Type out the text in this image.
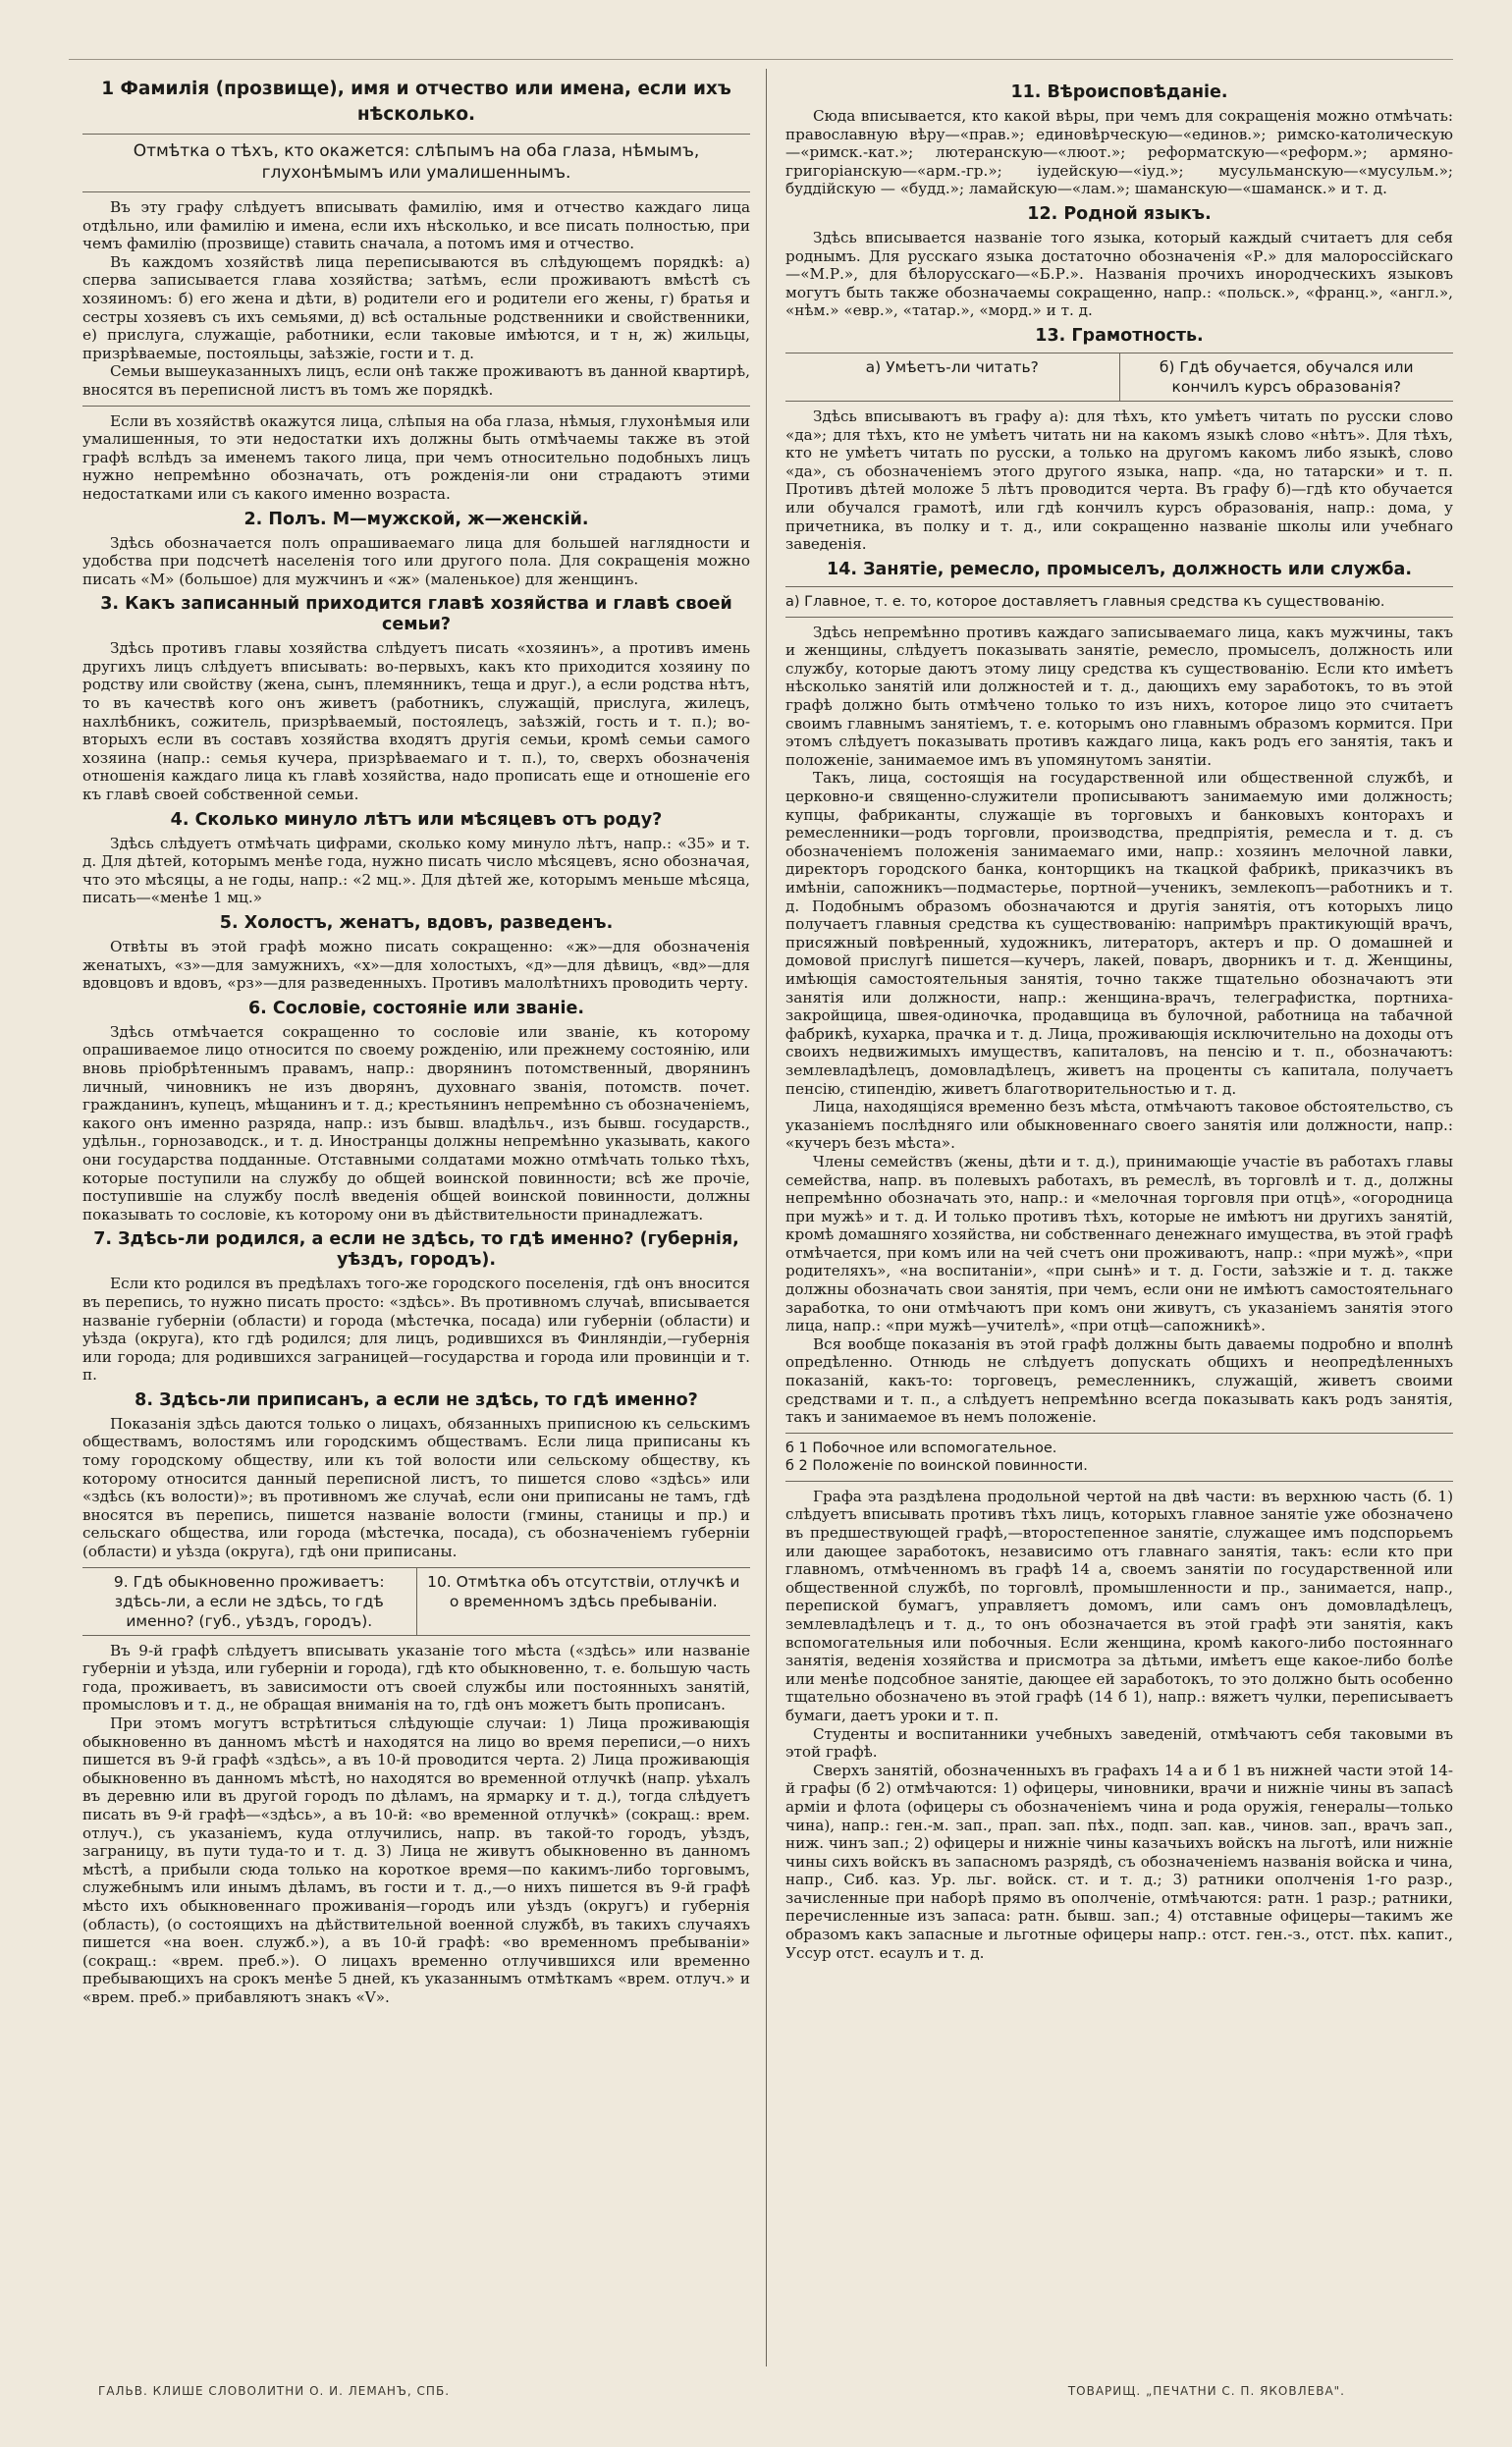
1 Фамилія (прозвище), имя и отчество или имена, если ихъ нѣсколько.
Отмѣтка о тѣхъ, кто окажется: слѣпымъ на оба глаза, нѣмымъ, глухонѣмымъ или умалишеннымъ.

Въ эту графу слѣдуетъ вписывать фамилію, имя и отчество каждаго лица отдѣльно, или фамилію и имена, если ихъ нѣсколько, и все писать полностью, при чемъ фамилію (прозвище) ставить сначала, а потомъ имя и отчество.

Въ каждомъ хозяйствѣ лица переписываются въ слѣдующемъ порядкѣ: а) сперва записывается глава хозяйства; затѣмъ, если проживаютъ вмѣстѣ съ хозяиномъ: б) его жена и дѣти, в) родители его и родители его жены, г) братья и сестры хозяевъ съ ихъ семьями, д) всѣ остальные родственники и свойственники, е) прислуга, служащіе, работники, если таковые имѣются, и т н, ж) жильцы, призрѣваемые, постояльцы, заѣзжіе, гости и т. д.

Семьи вышеуказанныхъ лицъ, если онѣ также проживаютъ въ данной квартирѣ, вносятся въ переписной листъ въ томъ же порядкѣ.

Если въ хозяйствѣ окажутся лица, слѣпыя на оба глаза, нѣмыя, глухонѣмыя или умалишенныя, то эти недостатки ихъ должны быть отмѣчаемы также въ этой графѣ вслѣдъ за именемъ такого лица, при чемъ относительно подобныхъ лицъ нужно непремѣнно обозначать, отъ рожденія-ли они страдаютъ этими недостатками или съ какого именно возраста.

2. Полъ. М—мужской, ж—женскій.

Здѣсь обозначается полъ опрашиваемаго лица для большей наглядности и удобства при подсчетѣ населенія того или другого пола. Для сокращенія можно писать «М» (большое) для мужчинъ и «ж» (маленькое) для женщинъ.

3. Какъ записанный приходится главѣ хозяйства и главѣ своей семьи?

Здѣсь противъ главы хозяйства слѣдуетъ писать «хозяинъ», а противъ имень другихъ лицъ слѣдуетъ вписывать: во-первыхъ, какъ кто приходится хозяину по родству или свойству (жена, сынъ, племянникъ, теща и друг.), а если родства нѣтъ, то въ качествѣ кого онъ живетъ (работникъ, служащій, прислуга, жилецъ, нахлѣбникъ, сожитель, призрѣваемый, постоялецъ, заѣзжій, гость и т. п.); во-вторыхъ если въ составъ хозяйства входятъ другія семьи, кромѣ семьи самого хозяина (напр.: семья кучера, призрѣваемаго и т. п.), то, сверхъ обозначенія отношенія каждаго лица къ главѣ хозяйства, надо прописать еще и отношеніе его къ главѣ своей собственной семьи.

4. Сколько минуло лѣтъ или мѣсяцевъ отъ роду?

Здѣсь слѣдуетъ отмѣчать цифрами, сколько кому минуло лѣтъ, напр.: «35» и т. д. Для дѣтей, которымъ менѣе года, нужно писать число мѣсяцевъ, ясно обозначая, что это мѣсяцы, а не годы, напр.: «2 мц.». Для дѣтей же, которымъ меньше мѣсяца, писать—«менѣе 1 мц.»

5. Холостъ, женатъ, вдовъ, разведенъ.

Отвѣты въ этой графѣ можно писать сокращенно: «ж»—для обозначенія женатыхъ, «з»—для замужнихъ, «х»—для холостыхъ, «д»—для дѣвицъ, «вд»—для вдовцовъ и вдовъ, «рз»—для разведенныхъ. Противъ малолѣтнихъ проводить черту.

6. Сословіе, состояніе или званіе.

Здѣсь отмѣчается сокращенно то сословіе или званіе, къ которому опрашиваемое лицо относится по своему рожденію, или прежнему состоянію, или вновь пріобрѣтеннымъ правамъ, напр.: дворянинъ потомственный, дворянинъ личный, чиновникъ не изъ дворянъ, духовнаго званія, потомств. почет. гражданинъ, купецъ, мѣщанинъ и т. д.; крестьянинъ непремѣнно съ обозначеніемъ, какого онъ именно разряда, напр.: изъ бывш. владѣльч., изъ бывш. государств., удѣльн., горнозаводск., и т. д. Иностранцы должны непремѣнно указывать, какого они государства подданные. Отставными солдатами можно отмѣчать только тѣхъ, которые поступили на службу до общей воинской повинности; всѣ же прочіе, поступившіе на службу послѣ введенія общей воинской повинности, должны показывать то сословіе, къ которому они въ дѣйствительности принадлежатъ.

7. Здѣсь-ли родился, а если не здѣсь, то гдѣ именно? (губернія, уѣздъ, городъ).

Если кто родился въ предѣлахъ того-же городского поселенія, гдѣ онъ вносится въ перепись, то нужно писать просто: «здѣсь». Въ противномъ случаѣ, вписывается названіе губерніи (области) и города (мѣстечка, посада) или губерніи (области) и уѣзда (округа), кто гдѣ родился; для лицъ, родившихся въ Финляндіи,—губернія или города; для родившихся заграницей—государства и города или провинціи и т. п.

8. Здѣсь-ли приписанъ, а если не здѣсь, то гдѣ именно?

Показанія здѣсь даются только о лицахъ, обязанныхъ приписною къ сельскимъ обществамъ, волостямъ или городскимъ обществамъ. Если лица приписаны къ тому городскому обществу, или къ той волости или сельскому обществу, къ которому относится данный переписной листъ, то пишется слово «здѣсь» или «здѣсь (къ волости)»; въ противномъ же случаѣ, если они приписаны не тамъ, гдѣ вносятся въ перепись, пишется названіе волости (гмины, станицы и пр.) и сельскаго общества, или города (мѣстечка, посада), съ обозначеніемъ губерніи (области) и уѣзда (округа), гдѣ они приписаны.

9. Гдѣ обыкновенно проживаетъ: здѣсь-ли, а если не здѣсь, то гдѣ именно? (губ., уѣздъ, городъ).
10. Отмѣтка объ отсутствіи, отлучкѣ и о временномъ здѣсь пребываніи.

Въ 9-й графѣ слѣдуетъ вписывать указаніе того мѣста («здѣсь» или названіе губерніи и уѣзда, или губерніи и города), гдѣ кто обыкновенно, т. е. большую часть года, проживаетъ, въ зависимости отъ своей службы или постоянныхъ занятій, промысловъ и т. д., не обращая вниманія на то, гдѣ онъ можетъ быть прописанъ.

При этомъ могутъ встрѣтиться слѣдующіе случаи: 1) Лица проживающія обыкновенно въ данномъ мѣстѣ и находятся на лицо во время переписи,—о нихъ пишется въ 9-й графѣ «здѣсь», а въ 10-й проводится черта. 2) Лица проживающія обыкновенно въ данномъ мѣстѣ, но находятся во временной отлучкѣ (напр. уѣхалъ въ деревню или въ другой городъ по дѣламъ, на ярмарку и т. д.), тогда слѣдуетъ писать въ 9-й графѣ—«здѣсь», а въ 10-й: «во временной отлучкѣ» (сокращ.: врем. отлуч.), съ указаніемъ, куда отлучились, напр. въ такой-то городъ, уѣздъ, заграницу, въ пути туда-то и т. д. 3) Лица не живутъ обыкновенно въ данномъ мѣстѣ, а прибыли сюда только на короткое время—по какимъ-либо торговымъ, служебнымъ или инымъ дѣламъ, въ гости и т. д.,—о нихъ пишется въ 9-й графѣ мѣсто ихъ обыкновеннаго проживанія—городъ или уѣздъ (округъ) и губернія (область), (о состоящихъ на дѣйствительной военной службѣ, въ такихъ случаяхъ пишется «на воен. служб.»), а въ 10-й графѣ: «во временномъ пребываніи» (сокращ.: «врем. преб.»). О лицахъ временно отлучившихся или временно пребывающихъ на срокъ менѣе 5 дней, къ указаннымъ отмѣткамъ «врем. отлуч.» и «врем. преб.» прибавляютъ знакъ «V».

11. Вѣроисповѣданіе.

Сюда вписывается, кто какой вѣры, при чемъ для сокращенія можно отмѣчать: православную вѣру—«прав.»; единовѣрческую—«единов.»; римско-католическую—«римск.-кат.»; лютеранскую—«люот.»; реформатскую—«реформ.»; армяно-григоріанскую—«арм.-гр.»; іудейскую—«іуд.»; мусульманскую—«мусульм.»; буддійскую — «будд.»; ламайскую—«лам.»; шаманскую—«шаманск.» и т. д.

12. Родной языкъ.

Здѣсь вписывается названіе того языка, который каждый считаетъ для себя роднымъ. Для русскаго языка достаточно обозначенія «Р.» для малороссійскаго—«М.Р.», для бѣлорусскаго—«Б.Р.». Названія прочихъ инородческихъ языковъ могутъ быть также обозначаемы сокращенно, напр.: «польск.», «франц.», «англ.», «нѣм.» «евр.», «татар.», «морд.» и т. д.

13. Грамотность.
а) Умѣетъ-ли читать?	б) Гдѣ обучается, обучался или кончилъ курсъ образованія?

Здѣсь вписываютъ въ графу а): для тѣхъ, кто умѣетъ читать по русски слово «да»; для тѣхъ, кто не умѣетъ читать ни на какомъ языкѣ слово «нѣтъ». Для тѣхъ, кто не умѣетъ читать по русски, а только на другомъ какомъ либо языкѣ, слово «да», съ обозначеніемъ этого другого языка, напр. «да, но татарски» и т. п. Противъ дѣтей моложе 5 лѣтъ проводится черта. Въ графу б)—гдѣ кто обучается или обучался грамотѣ, или гдѣ кончилъ курсъ образованія, напр.: дома, у причетника, въ полку и т. д., или сокращенно названіе школы или учебнаго заведенія.

14. Занятіе, ремесло, промыселъ, должность или служба.

а) Главное, т. е. то, которое доставляетъ главныя средства къ существованію.

Здѣсь непремѣнно противъ каждаго записываемаго лица, какъ мужчины, такъ и женщины, слѣдуетъ показывать занятіе, ремесло, промыселъ, должность или службу, которые даютъ этому лицу средства къ существованію. Если кто имѣетъ нѣсколько занятій или должностей и т. д., дающихъ ему заработокъ, то въ этой графѣ должно быть отмѣчено только то изъ нихъ, которое лицо это считаетъ своимъ главнымъ занятіемъ, т. е. которымъ оно главнымъ образомъ кормится. При этомъ слѣдуетъ показывать противъ каждаго лица, какъ родъ его занятія, такъ и положеніе, занимаемое имъ въ упомянутомъ занятіи.

Такъ, лица, состоящія на государственной или общественной службѣ, и церковно-и священно-служители прописываютъ занимаемую ими должность; купцы, фабриканты, служащіе въ торговыхъ и банковыхъ конторахъ и ремесленники—родъ торговли, производства, предпріятія, ремесла и т. д. съ обозначеніемъ положенія занимаемаго ими, напр.: хозяинъ мелочной лавки, директоръ городского банка, конторщикъ на ткацкой фабрикѣ, приказчикъ въ имѣніи, сапожникъ—подмастерье, портной—ученикъ, землекопъ—работникъ и т. д. Подобнымъ образомъ обозначаются и другія занятія, отъ которыхъ лицо получаетъ главныя средства къ существованію: напримѣръ практикующій врачъ, присяжный повѣренный, художникъ, литераторъ, актеръ и пр. О домашней и домовой прислугѣ пишется—кучеръ, лакей, поваръ, дворникъ и т. д. Женщины, имѣющія самостоятельныя занятія, точно также тщательно обозначаютъ эти занятія или должности, напр.: женщина-врачъ, телеграфистка, портниха-закройщица, швея-одиночка, продавщица въ булочной, работница на табачной фабрикѣ, кухарка, прачка и т. д. Лица, проживающія исключительно на доходы отъ своихъ недвижимыхъ имуществъ, капиталовъ, на пенсію и т. п., обозначаютъ: землевладѣлецъ, домовладѣлецъ, живетъ на проценты съ капитала, получаетъ пенсію, стипендію, живетъ благотворительностью и т. д.

Лица, находящіяся временно безъ мѣста, отмѣчаютъ таковое обстоятельство, съ указаніемъ послѣдняго или обыкновеннаго своего занятія или должности, напр.: «кучеръ безъ мѣста».

Члены семействъ (жены, дѣти и т. д.), принимающіе участіе въ работахъ главы семейства, напр. въ полевыхъ работахъ, въ ремеслѣ, въ торговлѣ и т. д., должны непремѣнно обозначать это, напр.: и «мелочная торговля при отцѣ», «огородница при мужѣ» и т. д. И только противъ тѣхъ, которые не имѣютъ ни другихъ занятій, кромѣ домашняго хозяйства, ни собственнаго денежнаго имущества, въ этой графѣ отмѣчается, при комъ или на чей счетъ они проживаютъ, напр.: «при мужѣ», «при родителяхъ», «на воспитаніи», «при сынѣ» и т. д. Гости, заѣзжіе и т. д. также должны обозначать свои занятія, при чемъ, если они не имѣютъ самостоятельнаго заработка, то они отмѣчаютъ при комъ они живутъ, съ указаніемъ занятія этого лица, напр.: «при мужѣ—учителѣ», «при отцѣ—сапожникѣ».

Вся вообще показанія въ этой графѣ должны быть даваемы подробно и вполнѣ опредѣленно. Отнюдь не слѣдуетъ допускать общихъ и неопредѣленныхъ показаній, какъ-то: торговецъ, ремесленникъ, служащій, живетъ своими средствами и т. п., а слѣдуетъ непремѣнно всегда показывать какъ родъ занятія, такъ и занимаемое въ немъ положеніе.

б 1 Побочное или вспомогательное.

б 2 Положеніе по воинской повинности.

Графа эта раздѣлена продольной чертой на двѣ части: въ верхнюю часть (б. 1) слѣдуетъ вписывать противъ тѣхъ лицъ, которыхъ главное занятіе уже обозначено въ предшествующей графѣ,—второстепенное занятіе, служащее имъ подспорьемъ или дающее заработокъ, независимо отъ главнаго занятія, такъ: если кто при главномъ, отмѣченномъ въ графѣ 14 а, своемъ занятіи по государственной или общественной службѣ, по торговлѣ, промышленности и пр., занимается, напр., перепиской бумагъ, управляетъ домомъ, или самъ онъ домовладѣлецъ, землевладѣлецъ и т. д., то онъ обозначается въ этой графѣ эти занятія, какъ вспомогательныя или побочныя. Если женщина, кромѣ какого-либо постояннаго занятія, веденія хозяйства и присмотра за дѣтьми, имѣетъ еще какое-либо болѣе или менѣе подсобное занятіе, дающее ей заработокъ, то это должно быть особенно тщательно обозначено въ этой графѣ (14 б 1), напр.: вяжетъ чулки, переписываетъ бумаги, даетъ уроки и т. п.

Студенты и воспитанники учебныхъ заведеній, отмѣчаютъ себя таковыми въ этой графѣ.

Сверхъ занятій, обозначенныхъ въ графахъ 14 а и б 1 въ нижней части этой 14-й графы (б 2) отмѣчаются: 1) офицеры, чиновники, врачи и нижніе чины въ запасѣ арміи и флота (офицеры съ обозначеніемъ чина и рода оружія, генералы—только чина), напр.: ген.-м. зап., прап. зап. пѣх., подп. зап. кав., чинов. зап., врачъ зап., ниж. чинъ зап.; 2) офицеры и нижніе чины казачьихъ войскъ на льготѣ, или нижніе чины сихъ войскъ въ запасномъ разрядѣ, съ обозначеніемъ названія войска и чина, напр., Сиб. каз. Ур. льг. войск. ст. и т. д.; 3) ратники ополченія 1-го разр., зачисленные при наборѣ прямо въ ополченіе, отмѣчаются: ратн. 1 разр.; ратники, перечисленные изъ запаса: ратн. бывш. зап.; 4) отставные офицеры—такимъ же образомъ какъ запасные и льготные офицеры напр.: отст. ген.-з., отст. пѣх. капит., Уссур отст. есаулъ и т. д.

ГАЛЬВ. КЛИШЕ СЛОВОЛИТНИ О. И. ЛЕМАНЪ, СПБ.	ТОВАРИЩ. „ПЕЧАТНИ С. П. ЯКОВЛЕВА".
